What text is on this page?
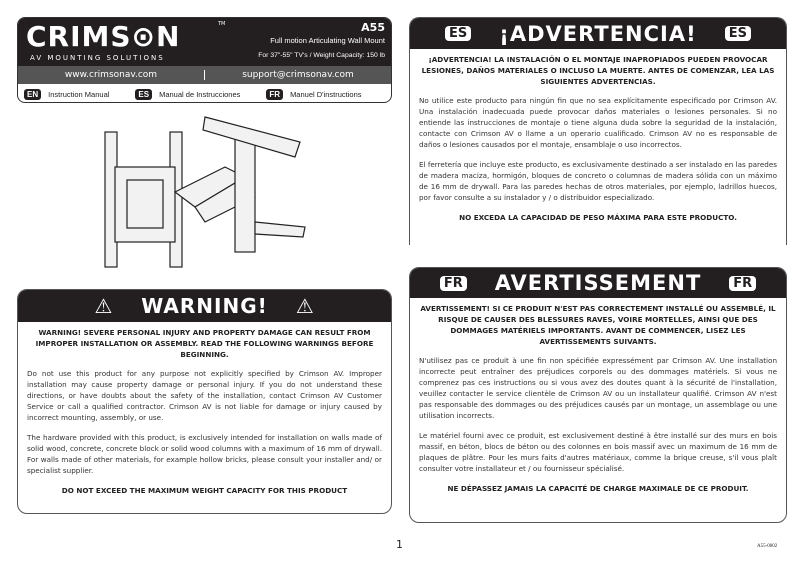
CRIMS⊙N	TM
AV MOUNTING SOLUTIONS
A55
Full motion Articulating Wall Mount
For 37"-55" TV's / Weight Capacity: 150 lb
www.crimsonav.com	support@crimsonav.com
EN	Instruction Manual	ES	Manual de Instrucciones	FR	Manuel D'instructions
⚠ WARNING! ⚠
WARNING! SEVERE PERSONAL INJURY AND PROPERTY DAMAGE CAN RESULT FROM IMPROPER INSTALLATION OR ASSEMBLY. READ THE FOLLOWING WARNINGS BEFORE BEGINNING.
Do not use this product for any purpose not explicitly specified by Crimson AV. Improper installation may cause property damage or personal injury. If you do not understand these directions, or have doubts about the safety of the installation, contact Crimson AV Customer Service or call a qualified contractor. Crimson AV is not liable for damage or injury caused by incorrect mounting, assembly, or use.
The hardware provided with this product, is exclusively intended for installation on walls made of solid wood, concrete, concrete block or solid wood columns with a maximum of 16 mm of drywall. For walls made of other materials, for example hollow bricks, please consult your installer and/ or specialist supplier.
DO NOT EXCEED THE MAXIMUM WEIGHT CAPACITY FOR THIS PRODUCT
ES ¡ADVERTENCIA!	ES
¡ADVERTENCIA! LA INSTALACIÓN O EL MONTAJE INAPROPIADOS PUEDEN PROVOCAR LESIONES, DAÑOS MATERIALES O INCLUSO LA MUERTE. ANTES DE COMENZAR, LEA LAS SIGUIENTES ADVERTENCIAS.
No utilice este producto para ningún fin que no sea explícitamente especificado por Crimson AV. Una instalación inadecuada puede provocar daños materiales o lesiones personales. Si no entiende las instrucciones de montaje o tiene alguna duda sobre la seguridad de la instalación, contacte con Crimson AV o llame a un operario cualificado. Crimson AV no es responsable de daños o lesiones causados por el montaje, ensamblaje o uso incorrectos.
El ferretería que incluye este producto, es exclusivamente destinado a ser instalado en las paredes de madera maciza, hormigón, bloques de concreto o columnas de madera sólida con un máximo de 16 mm de drywall. Para las paredes hechas de otros materiales, por ejemplo, ladrillos huecos, por favor consulte a su instalador y / o distribuidor especializado.
NO EXCEDA LA CAPACIDAD DE PESO MÁXIMA PARA ESTE PRODUCTO.
FR AVERTISSEMENT	FR
AVERTISSEMENT! SI CE PRODUIT N'EST PAS CORRECTEMENT INSTALLÉ OU ASSEMBLÉ, IL RISQUE DE CAUSER DES BLESSURES RAVES, VOIRE MORTELLES, AINSI QUE DES DOMMAGES MATÉRIELS IMPORTANTS. AVANT DE COMMENCER, LISEZ LES AVERTISSEMENTS SUIVANTS.
N'utilisez pas ce produit à une fin non spécifiée expressément par Crimson AV. Une installation incorrecte peut entraîner des préjudices corporels ou des dommages matériels. Si vous ne comprenez pas ces instructions ou si vous avez des doutes quant à la sécurité de l'installation, veuillez contacter le service clientèle de Crimson AV ou un installateur qualifié. Crimson AV n'est pas responsable des dommages ou des préjudices causés par un montage, un assemblage ou une utilisation incorrects.
Le matériel fourni avec ce produit, est exclusivement destiné à être installé sur des murs en bois massif, en béton, blocs de béton ou des colonnes en bois massif avec un maximum de 16 mm de plaques de plâtre. Pour les murs faits d'autres matériaux, comme la brique creuse, s'il vous plaît consulter votre installateur et / ou fournisseur spécialisé.
NE DÉPASSEZ JAMAIS LA CAPACITÉ DE CHARGE MAXIMALE DE CE PRODUIT.
1	A55-0002
